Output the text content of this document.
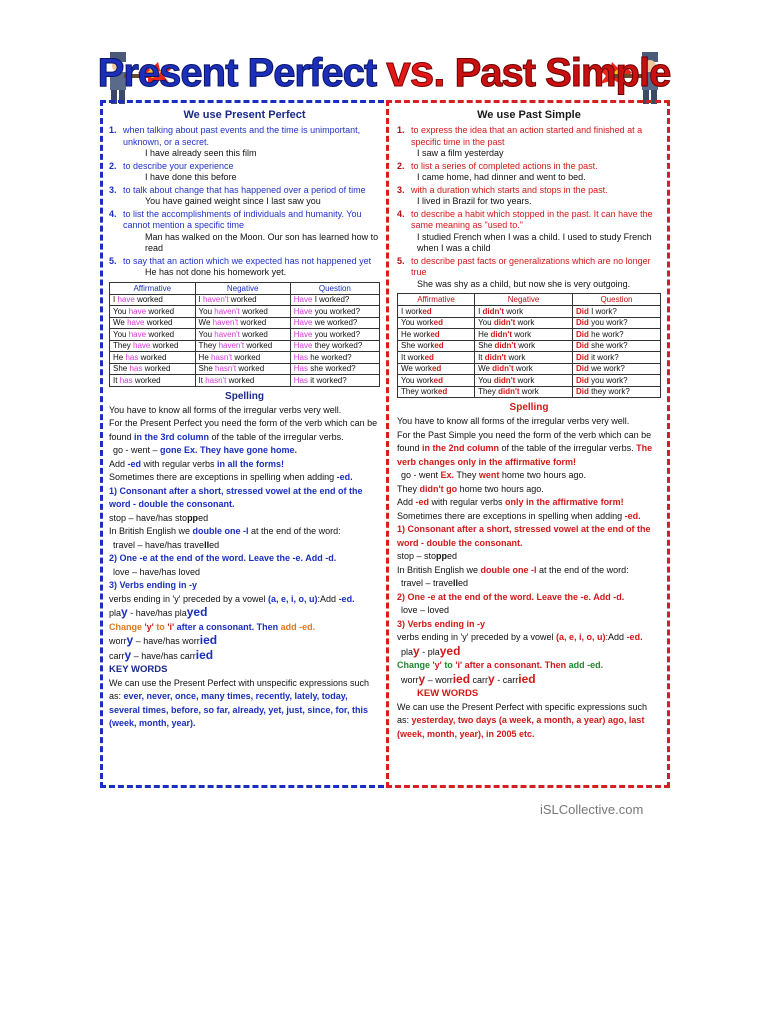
Present Perfect vs. Past Simple
We use Present Perfect
1. when talking about past events and the time is unimportant, unknown, or a secret.
I have already seen this film
2. to describe your experience
I have done this before
3. to talk about change that has happened over a period of time
You have gained weight since I last saw you
4. to list the accomplishments of individuals and humanity. You cannot mention a specific time
Man has walked on the Moon. Our son has learned how to read
5. to say that an action which we expected has not happened yet
He has not done his homework yet.
Affirmative	Negative	Question
I have worked	I haven't worked	Have I worked?
You have worked	You haven't worked	Have you worked?
We have worked	We haven't worked	Have we worked?
You have worked	You haven't worked	Have you worked?
They have worked	They haven't worked	Have they worked?
He has worked	He hasn't worked	Has he worked?
She has worked	She hasn't worked	Has she worked?
It has worked	It hasn't worked	Has it worked?
Spelling
You have to know all forms of the irregular verbs very well.
For the Present Perfect you need the form of the verb which can be found in the 3rd column of the table of the irregular verbs.
go - went – gone Ex. They have gone home.
Add -ed with regular verbs in all the forms!
Sometimes there are exceptions in spelling when adding -ed.
1) Consonant after a short, stressed vowel at the end of the word - double the consonant.
stop – have/has stopped
In British English we double one -l at the end of the word:
travel – have/has travelled
2) One -e at the end of the word. Leave the -e. Add -d.
love – have/has loved
3) Verbs ending in -y
verbs ending in 'y' preceded by a vowel (a, e, i, o, u):Add -ed.
play - have/has played
Change 'y' to 'i' after a consonant. Then add -ed.
worry – have/has worried
carry – have/has carried
KEY WORDS
We can use the Present Perfect with unspecific expressions such as: ever, never, once, many times, recently, lately, today, several times, before, so far, already, yet, just, since, for, this (week, month, year).
We use Past Simple
1. to express the idea that an action started and finished at a specific time in the past
I saw a film yesterday
2. to list a series of completed actions in the past.
I came home, had dinner and went to bed.
3. with a duration which starts and stops in the past.
I lived in Brazil for two years.
4. to describe a habit which stopped in the past. It can have the same meaning as "used to."
I studied French when I was a child. I used to study French when I was a child
5. to describe past facts or generalizations which are no longer true
She was shy as a child, but now she is very outgoing.
Affirmative	Negative	Question
I worked	I didn't work	Did I work?
You worked	You didn't work	Did you work?
He worked	He didn't work	Did he work?
She worked	She didn't work	Did she work?
It worked	It didn't work	Did it work?
We worked	We didn't work	Did we work?
You worked	You didn't work	Did you work?
They worked	They didn't work	Did they work?
Spelling
You have to know all forms of the irregular verbs very well.
For the Past Simple you need the form of the verb which can be found in the 2nd column of the table of the irregular verbs. The verb changes only in the affirmative form!
go - went Ex. They went home two hours ago.
They didn't go home two hours ago.
Add -ed with regular verbs only in the affirmative form!
Sometimes there are exceptions in spelling when adding -ed.
1) Consonant after a short, stressed vowel at the end of the word - double the consonant.
stop – stopped
In British English we double one -l at the end of the word:
travel – travelled
2) One -e at the end of the word. Leave the -e. Add -d.
love – loved
3) Verbs ending in -y
verbs ending in 'y' preceded by a vowel (a, e, i, o, u):Add -ed.
play - played
Change 'y' to 'i' after a consonant. Then add -ed.
worry – worried carry - carried
KEW WORDS
We can use the Present Perfect with specific expressions such as: yesterday, two days (a week, a month, a year) ago, last (week, month, year), in 2005 etc.
iSLCollective.com
